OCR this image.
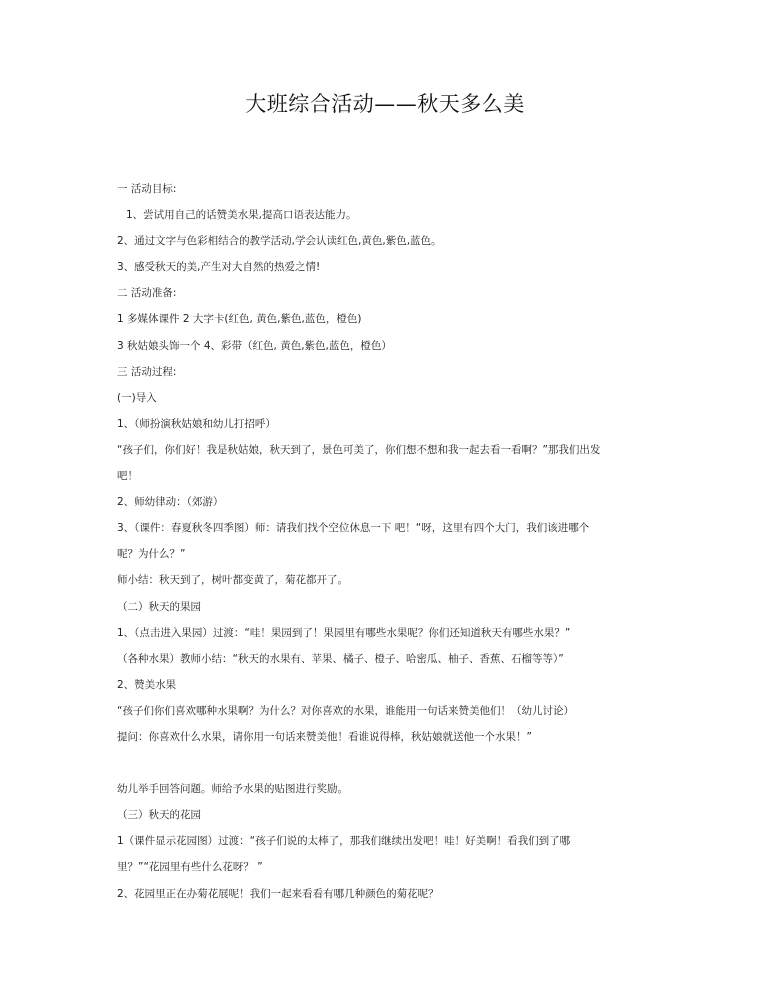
大班综合活动——秋天多么美
一 活动目标:
1、尝试用自己的话赞美水果,提高口语表达能力。
2、通过文字与色彩相结合的教学活动,学会认读红色,黄色,紫色,蓝色。
3、感受秋天的美,产生对大自然的热爱之情!
二 活动准备:
1 多媒体课件 2 大字卡(红色, 黄色,紫色,蓝色，橙色)
3 秋姑娘头饰一个 4、彩带（红色, 黄色,紫色,蓝色，橙色）
三 活动过程:
(一)导入
1、（师扮演秋姑娘和幼儿打招呼）
“孩子们，你们好！我是秋姑娘，秋天到了，景色可美了，你们想不想和我一起去看一看啊？”那我们出发
吧！
2、师幼律动：（郊游）
3、（课件：春夏秋冬四季图）师：请我们找个空位休息一下 吧！“呀，这里有四个大门，我们该进哪个
呢？为什么？”
师小结：秋天到了，树叶都变黄了，菊花都开了。
（二）秋天的果园
1、（点击进入果园）过渡：“哇！果园到了！果园里有哪些水果呢？你们还知道秋天有哪些水果？”
（各种水果）教师小结：“秋天的水果有、苹果、橘子、橙子、哈密瓜、柚子、香蕉、石榴等等）”
2、赞美水果
“孩子们你们喜欢哪种水果啊？为什么？对你喜欢的水果，谁能用一句话来赞美他们！（幼儿讨论）
提问：你喜欢什么水果，请你用一句话来赞美他！看谁说得棒，秋姑娘就送他一个水果！”
幼儿举手回答问题。师给予水果的贴图进行奖励。
（三）秋天的花园
1（课件显示花园图）过渡：“孩子们说的太棒了，那我们继续出发吧！哇！好美啊！看我们到了哪
里？”“花园里有些什么花呀？ ”
2、花园里正在办菊花展呢！我们一起来看看有哪几种颜色的菊花呢？
